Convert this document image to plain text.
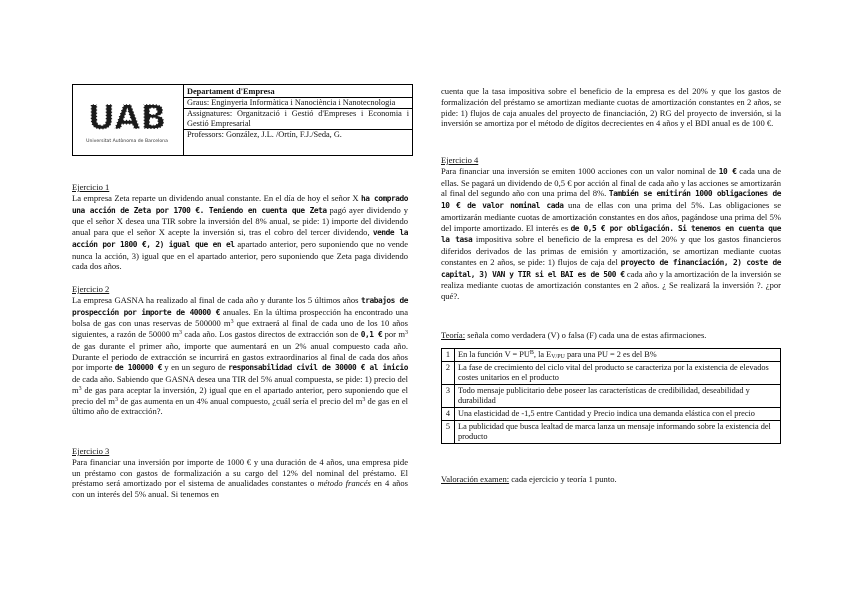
UAB
Universitat Autònoma de Barcelona
Departament d'Empresa
Graus: Enginyeria Informàtica i Nanociència i Nanotecnologia
Assignatures: Organització i Gestió d'Empreses i Economia i Gestió Empresarial
Professors: González, J.L. /Ortín, F.J./Seda, G.
Ejercicio 1

La empresa Zeta reparte un dividendo anual constante. En el día de hoy el señor X ha comprado una acción de Zeta por 1700 €. Teniendo en cuenta que Zeta pagó ayer dividendo y que el señor X desea una TIR sobre la inversión del 8% anual, se pide: 1) importe del dividendo anual para que el señor X acepte la inversión si, tras el cobro del tercer dividendo, vende la acción por 1800 €, 2) igual que en el apartado anterior, pero suponiendo que no vende nunca la acción, 3) igual que en el apartado anterior, pero suponiendo que Zeta paga dividendo cada dos años.

Ejercicio 2

La empresa GASNA ha realizado al final de cada año y durante los 5 últimos años trabajos de prospección por importe de 40000 € anuales. En la última prospección ha encontrado una bolsa de gas con unas reservas de 500000 $m^3$ que extraerá al final de cada uno de los 10 años siguientes, a razón de 50000 $m^3$ cada año. Los gastos directos de extracción son de 0,1 € por $m^3$ de gas durante el primer año, importe que aumentará en un 2% anual compuesto cada año. Durante el periodo de extracción se incurrirá en gastos extraordinarios al final de cada dos años por importe de 100000 € y en un seguro de responsabilidad civil de 30000 € al inicio de cada año. Sabiendo que GASNA desea una TIR del 5% anual compuesta, se pide: 1) precio del $m^3$ de gas para aceptar la inversión, 2) igual que en el apartado anterior, pero suponiendo que el precio del $m^3$ de gas aumenta en un 4% anual compuesto, ¿cuál sería el precio del $m^3$ de gas en el último año de extracción?.

Ejercicio 3

Para financiar una inversión por importe de 1000 € y una duración de 4 años, una empresa pide un préstamo con gastos de formalización a su cargo del 12% del nominal del préstamo. El préstamo será amortizado por el sistema de anualidades constantes o método francés en 4 años con un interés del 5% anual. Si tenemos en

cuenta que la tasa impositiva sobre el beneficio de la empresa es del 20% y que los gastos de formalización del préstamo se amortizan mediante cuotas de amortización constantes en 2 años, se pide: 1) flujos de caja anuales del proyecto de financiación, 2) RG del proyecto de inversión, si la inversión se amortiza por el método de dígitos decrecientes en 4 años y el BDI anual es de 100 €.

Ejercicio 4

Para financiar una inversión se emiten 1000 acciones con un valor nominal de 10 € cada una de ellas. Se pagará un dividendo de 0,5 € por acción al final de cada año y las acciones se amortizarán al final del segundo año con una prima del 8%. También se emitirán 1000 obligaciones de 10 € de valor nominal cada una de ellas con una prima del 5%. Las obligaciones se amortizarán mediante cuotas de amortización constantes en dos años, pagándose una prima del 5% del importe amortizado. El interés es de 0,5 € por obligación. Si tenemos en cuenta que la tasa impositiva sobre el beneficio de la empresa es del 20% y que los gastos financieros diferidos derivados de las primas de emisión y amortización, se amortizan mediante cuotas constantes en 2 años, se pide: 1) flujos de caja del proyecto de financiación, 2) coste de capital, 3) VAN y TIR si el BAI es de 500 € cada año y la amortización de la inversión se realiza mediante cuotas de amortización constantes en 2 años. ¿ Se realizará la inversión ?. ¿por qué?.

Teoría: señala como verdadera (V) o falsa (F) cada una de estas afirmaciones.

1	En la función $V = PU^B$, la $E_{V/PU}$ para una PU = 2 es del B%
2	La fase de crecimiento del ciclo vital del producto se caracteriza por la existencia de elevados costes unitarios en el producto
3	Todo mensaje publicitario debe poseer las características de credibilidad, deseabilidad y durabilidad
4	Una elasticidad de -1,5 entre Cantidad y Precio indica una demanda elástica con el precio
5	La publicidad que busca lealtad de marca lanza un mensaje informando sobre la existencia del producto

Valoración examen: cada ejercicio y teoría 1 punto.
